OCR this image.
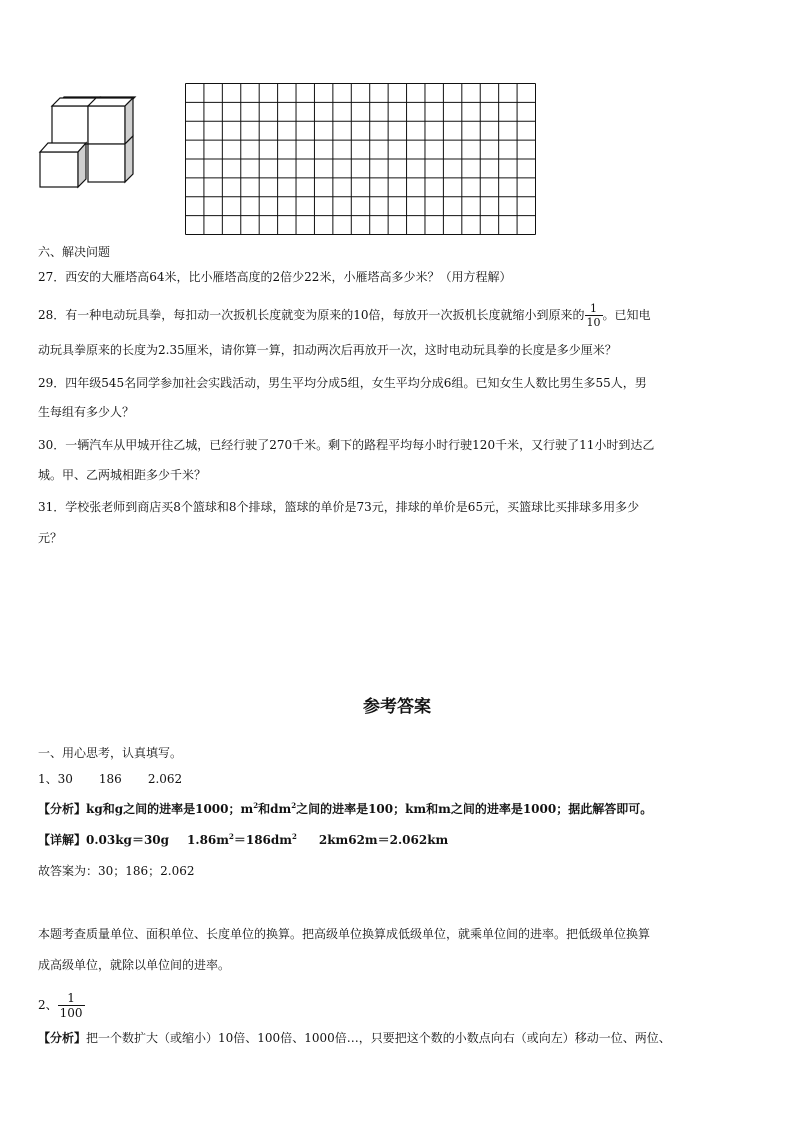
六、解决问题
27．西安的大雁塔高64米，比小雁塔高度的2倍少22米，小雁塔高多少米？（用方程解）
28．有一种电动玩具拳，每扣动一次扳机长度就变为原来的10倍，每放开一次扳机长度就缩小到原来的 $\frac{1}{10}$ 。已知电
动玩具拳原来的长度为2.35厘米，请你算一算，扣动两次后再放开一次，这时电动玩具拳的长度是多少厘米？
29．四年级545名同学参加社会实践活动，男生平均分成5组，女生平均分成6组。已知女生人数比男生多55人，男
生每组有多少人？
30．一辆汽车从甲城开往乙城，已经行驶了270千米。剩下的路程平均每小时行驶120千米，又行驶了11小时到达乙
城。甲、乙两城相距多少千米？
31．学校张老师到商店买8个篮球和8个排球，篮球的单价是73元，排球的单价是65元，买篮球比买排球多用多少
元？
参考答案
一、用心思考，认真填写。
1、30 186 2.062
【分析】kg和g之间的进率是1000；$m^2$和$dm^2$之间的进率是100；km和m之间的进率是1000；据此解答即可。
【详解】0.03kg＝30g $1.86m^2=186dm^2$ 2km62m＝2.062km
故答案为：30；186；2.062
本题考查质量单位、面积单位、长度单位的换算。把高级单位换算成低级单位，就乘单位间的进率。把低级单位换算
成高级单位，就除以单位间的进率。
2、 $\frac{1}{100}$
【分析】把一个数扩大（或缩小）10倍、100倍、1000倍…，只要把这个数的小数点向右（或向左）移动一位、两位、
